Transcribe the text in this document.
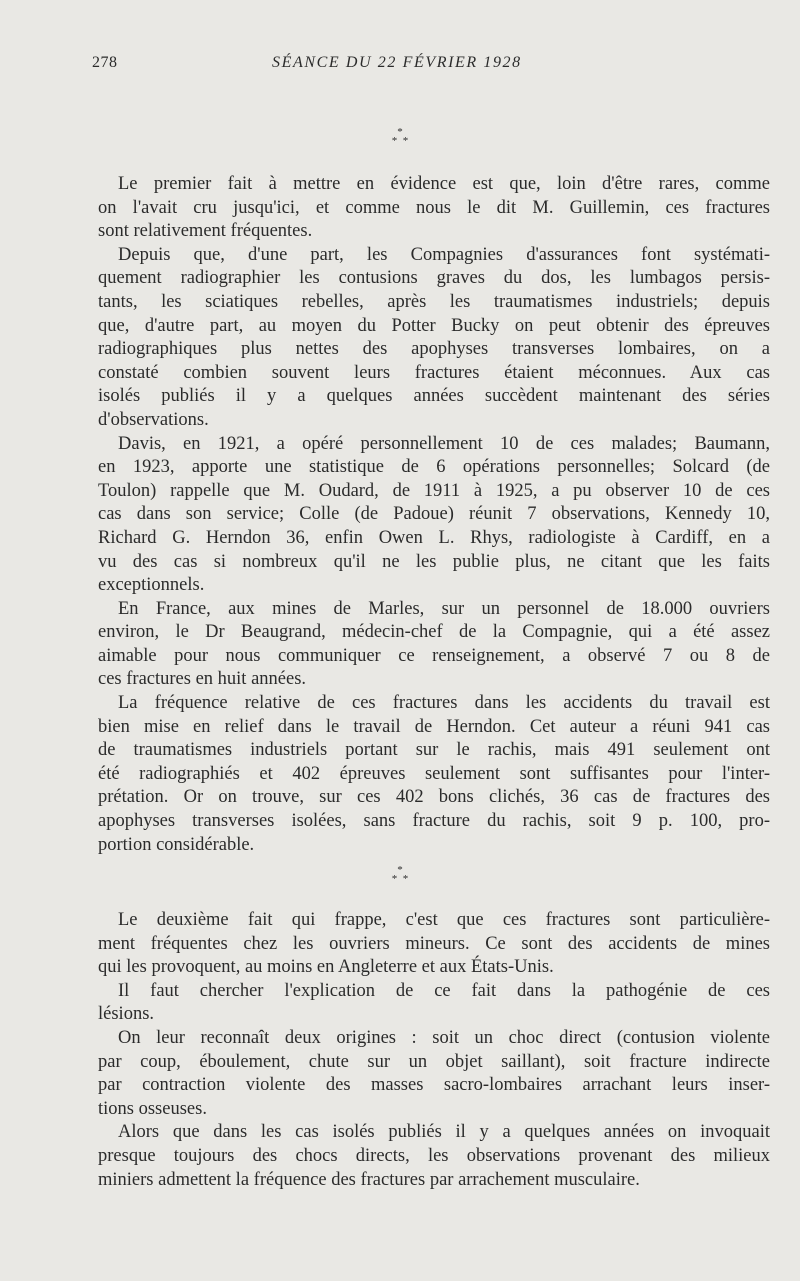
278	SÉANCE DU 22 FÉVRIER 1928
*
*  *
Le premier fait à mettre en évidence est que, loin d'être rares, comme
on l'avait cru jusqu'ici, et comme nous le dit M. Guillemin, ces fractures
sont relativement fréquentes.
Depuis que, d'une part, les Compagnies d'assurances font systémati-
quement radiographier les contusions graves du dos, les lumbagos persis-
tants, les sciatiques rebelles, après les traumatismes industriels; depuis
que, d'autre part, au moyen du Potter Bucky on peut obtenir des épreuves
radiographiques plus nettes des apophyses transverses lombaires, on a
constaté combien souvent leurs fractures étaient méconnues. Aux cas
isolés publiés il y a quelques années succèdent maintenant des séries
d'observations.
Davis, en 1921, a opéré personnellement 10 de ces malades; Baumann,
en 1923, apporte une statistique de 6 opérations personnelles; Solcard (de
Toulon) rappelle que M. Oudard, de 1911 à 1925, a pu observer 10 de ces
cas dans son service; Colle (de Padoue) réunit 7 observations, Kennedy 10,
Richard G. Herndon 36, enfin Owen L. Rhys, radiologiste à Cardiff, en a
vu des cas si nombreux qu'il ne les publie plus, ne citant que les faits
exceptionnels.
En France, aux mines de Marles, sur un personnel de 18.000 ouvriers
environ, le Dr Beaugrand, médecin-chef de la Compagnie, qui a été assez
aimable pour nous communiquer ce renseignement, a observé 7 ou 8 de
ces fractures en huit années.
La fréquence relative de ces fractures dans les accidents du travail est
bien mise en relief dans le travail de Herndon. Cet auteur a réuni 941 cas
de traumatismes industriels portant sur le rachis, mais 491 seulement ont
été radiographiés et 402 épreuves seulement sont suffisantes pour l'inter-
prétation. Or on trouve, sur ces 402 bons clichés, 36 cas de fractures des
apophyses transverses isolées, sans fracture du rachis, soit 9 p. 100, pro-
portion considérable.
*
*  *
Le deuxième fait qui frappe, c'est que ces fractures sont particulière-
ment fréquentes chez les ouvriers mineurs. Ce sont des accidents de mines
qui les provoquent, au moins en Angleterre et aux États-Unis.
Il faut chercher l'explication de ce fait dans la pathogénie de ces
lésions.
On leur reconnaît deux origines : soit un choc direct (contusion violente
par coup, éboulement, chute sur un objet saillant), soit fracture indirecte
par contraction violente des masses sacro-lombaires arrachant leurs inser-
tions osseuses.
Alors que dans les cas isolés publiés il y a quelques années on invoquait
presque toujours des chocs directs, les observations provenant des milieux
miniers admettent la fréquence des fractures par arrachement musculaire.
